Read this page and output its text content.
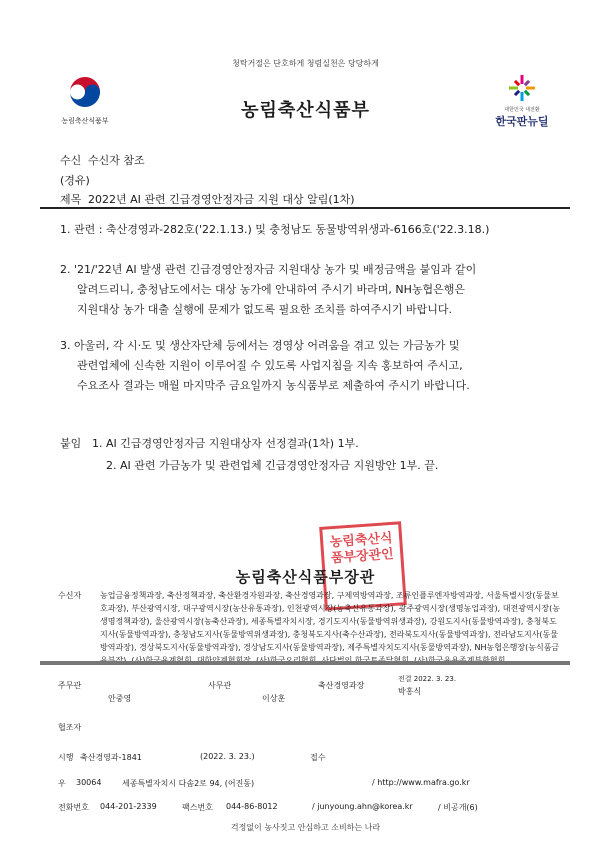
청탁거절은 단호하게 청렴실천은 당당하게
농림축산식품부	농림축산식품부	대한민국 대전환
한국판뉴딜
수신 수신자 참조
(경유)
제목 2022년 AI 관련 긴급경영안정자금 지원 대상 알림(1차)
1. 관련 : 축산경영과-282호('22.1.13.) 및 충청남도 동물방역위생과-6166호('22.3.18.)
2. '21/'22년 AI 발생 관련 긴급경영안정자금 지원대상 농가 및 배정금액을 붙임과 같이
알려드리니, 충청남도에서는 대상 농가에 안내하여 주시기 바라며, NH농협은행은
지원대상 농가 대출 실행에 문제가 없도록 필요한 조치를 하여주시기 바랍니다.
3. 아울러, 각 시·도 및 생산자단체 등에서는 경영상 어려움을 겪고 있는 가금농가 및
관련업체에 신속한 지원이 이루어질 수 있도록 사업지침을 지속 홍보하여 주시고,
수요조사 결과는 매월 마지막주 금요일까지 농식품부로 제출하여 주시기 바랍니다.
붙임 1. AI 긴급경영안정자금 지원대상자 선정결과(1차) 1부.
2. AI 관련 가금농가 및 관련업체 긴급경영안정자금 지원방안 1부. 끝.
농림축산식
품부장관인
농림축산식품부장관
수신자 농업금융정책과장, 축산정책과장, 축산환경자원과장, 축산경영과장, 구제역방역과장, 조류인플루엔자방역과장, 서울특별시장(동물보호과장), 부산광역시장, 대구광역시장(농산유통과장), 인천광역시장(농축산유통과장), 광주광역시장(생명농업과장), 대전광역시장(농생명정책과장), 울산광역시장(농축산과장), 세종특별자치시장, 경기도지사(동물방역위생과장), 강원도지사(동물방역과장), 충청북도지사(동물방역과장), 충청남도지사(동물방역위생과장), 충청북도지사(축수산과장), 전라북도지사(동물방역과장), 전라남도지사(동물방역과장), 경상북도지사(동물방역과장), 경상남도지사(동물방역과장), 제주특별자치도지사(동물방역과장), NH농협은행장(농식품금
주무관
안중영
사무관
이상훈
축산경영과장
전결 2022. 3. 23.
박홍식
협조자
시행 축산경영과-1841	(2022. 3. 23.)	접수
우 30064	세종특별자치시 다솜2로 94, (어진동)	/ http://www.mafra.go.kr
전화번호 044-201-2339	팩스번호 044-86-8012	/ junyoung.ahn@korea.kr	/ 비공개(6)
걱정없이 농사짓고 안심하고 소비하는 나라
